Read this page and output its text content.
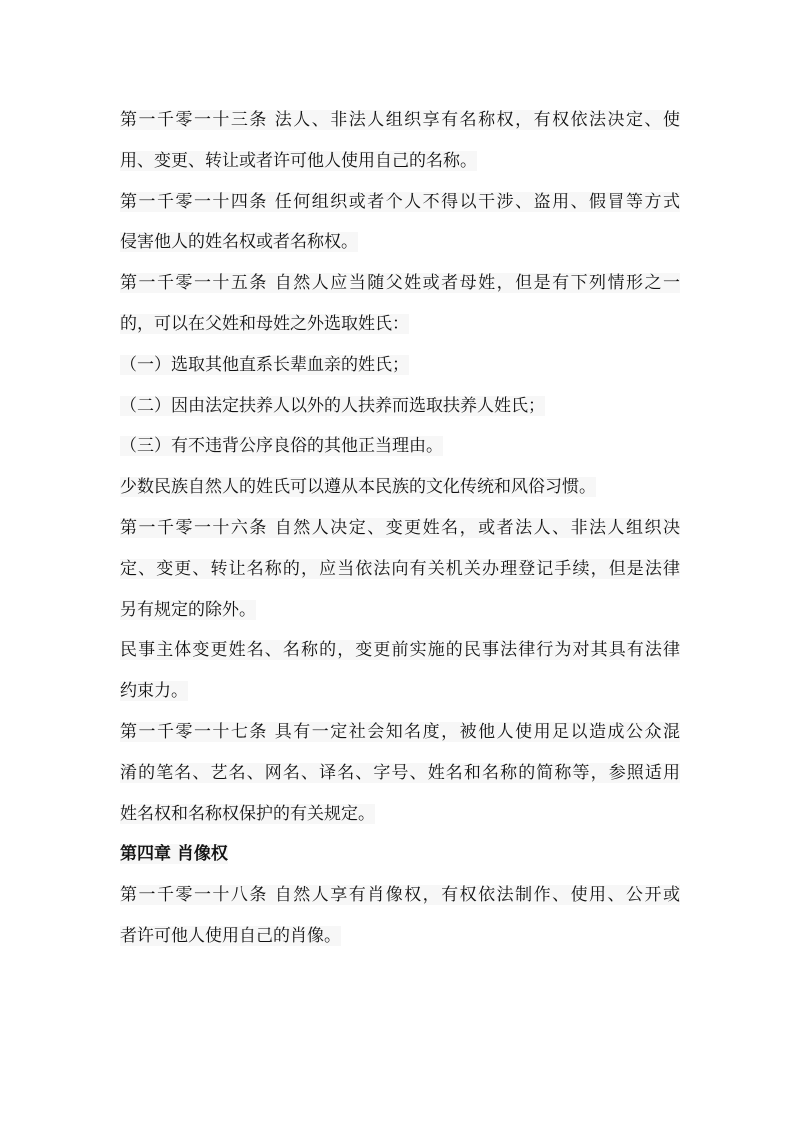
第一千零一十三条 法人、非法人组织享有名称权，有权依法决定、使
用、变更、转让或者许可他人使用自己的名称。
第一千零一十四条 任何组织或者个人不得以干涉、盗用、假冒等方式
侵害他人的姓名权或者名称权。
第一千零一十五条 自然人应当随父姓或者母姓，但是有下列情形之一
的，可以在父姓和母姓之外选取姓氏：
（一）选取其他直系长辈血亲的姓氏；
（二）因由法定扶养人以外的人扶养而选取扶养人姓氏；
（三）有不违背公序良俗的其他正当理由。
少数民族自然人的姓氏可以遵从本民族的文化传统和风俗习惯。
第一千零一十六条 自然人决定、变更姓名，或者法人、非法人组织决
定、变更、转让名称的，应当依法向有关机关办理登记手续，但是法律
另有规定的除外。
民事主体变更姓名、名称的，变更前实施的民事法律行为对其具有法律
约束力。
第一千零一十七条 具有一定社会知名度，被他人使用足以造成公众混
淆的笔名、艺名、网名、译名、字号、姓名和名称的简称等，参照适用
姓名权和名称权保护的有关规定。
第四章 肖像权
第一千零一十八条 自然人享有肖像权，有权依法制作、使用、公开或
者许可他人使用自己的肖像。
